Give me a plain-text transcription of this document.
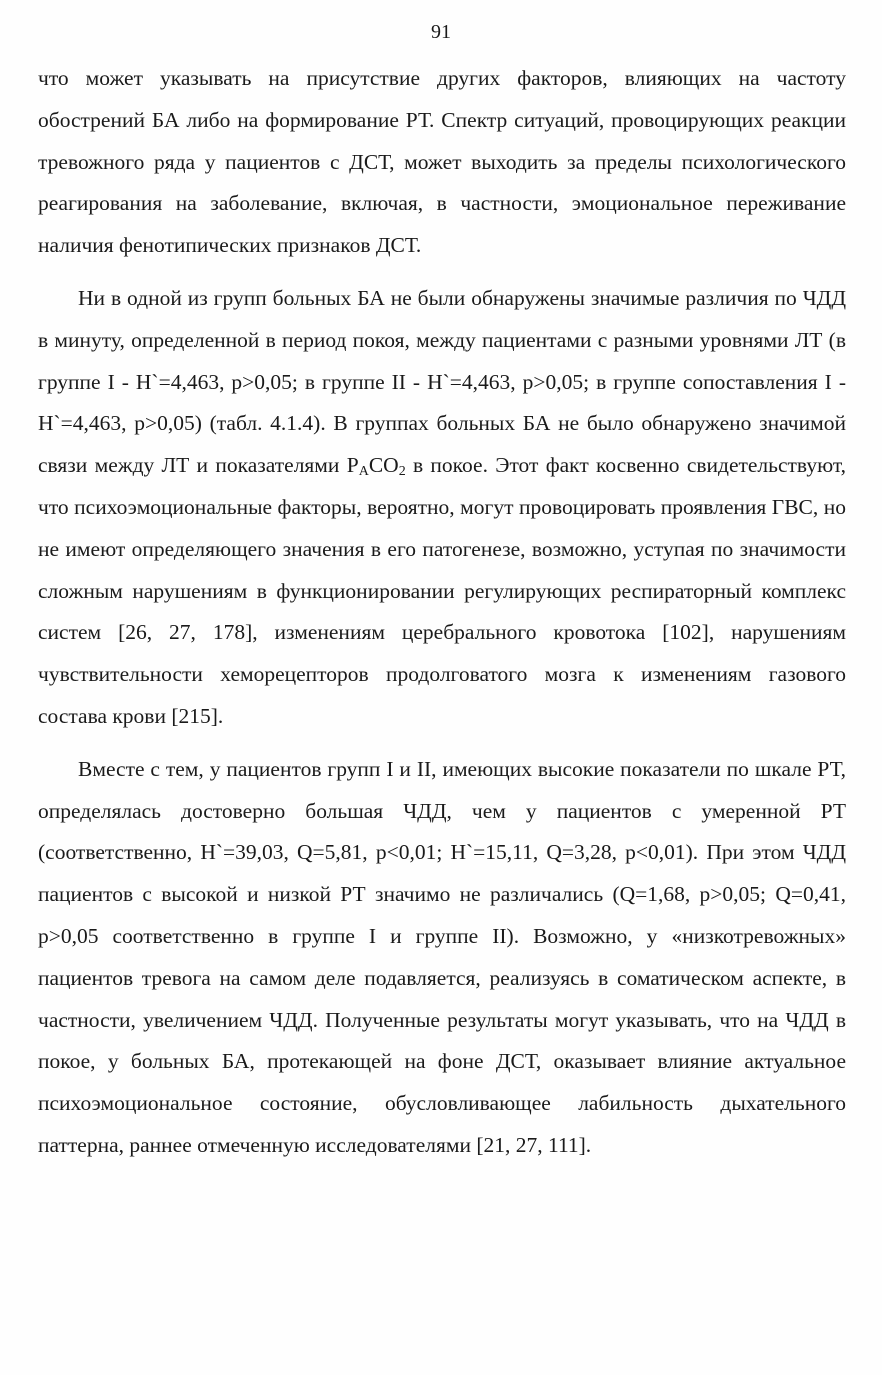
91

что может указывать на присутствие других факторов, влияющих на частоту обострений БА либо на формирование РТ. Спектр ситуаций, провоцирующих реакции тревожного ряда у пациентов с ДСТ, может выходить за пределы психологического реагирования на заболевание, включая, в частности, эмоциональное переживание наличия фенотипических признаков ДСТ.

Ни в одной из групп больных БА не были обнаружены значимые различия по ЧДД в минуту, определенной в период покоя, между пациентами с разными уровнями ЛТ (в группе I - H`=4,463, p>0,05; в группе II - H`=4,463, p>0,05; в группе сопоставления I - H`=4,463, p>0,05) (табл. 4.1.4). В группах больных БА не было обнаружено значимой связи между ЛТ и показателями $P_ACO_2$ в покое. Этот факт косвенно свидетельствуют, что психоэмоциональные факторы, вероятно, могут провоцировать проявления ГВС, но не имеют определяющего значения в его патогенезе, возможно, уступая по значимости сложным нарушениям в функционировании регулирующих респираторный комплекс систем [26, 27, 178], изменениям церебрального кровотока [102], нарушениям чувствительности хеморецепторов продолговатого мозга к изменениям газового состава крови [215].

Вместе с тем, у пациентов групп I и II, имеющих высокие показатели по шкале РТ, определялась достоверно большая ЧДД, чем у пациентов с умеренной РТ (соответственно, H`=39,03, Q=5,81, p<0,01; H`=15,11, Q=3,28, p<0,01). При этом ЧДД пациентов с высокой и низкой РТ значимо не различались (Q=1,68, p>0,05; Q=0,41, p>0,05 соответственно в группе I и группе II). Возможно, у «низкотревожных» пациентов тревога на самом деле подавляется, реализуясь в соматическом аспекте, в частности, увеличением ЧДД. Полученные результаты могут указывать, что на ЧДД в покое, у больных БА, протекающей на фоне ДСТ, оказывает влияние актуальное психоэмоциональное состояние, обусловливающее лабильность дыхательного паттерна, раннее отмеченную исследователями [21, 27, 111].
